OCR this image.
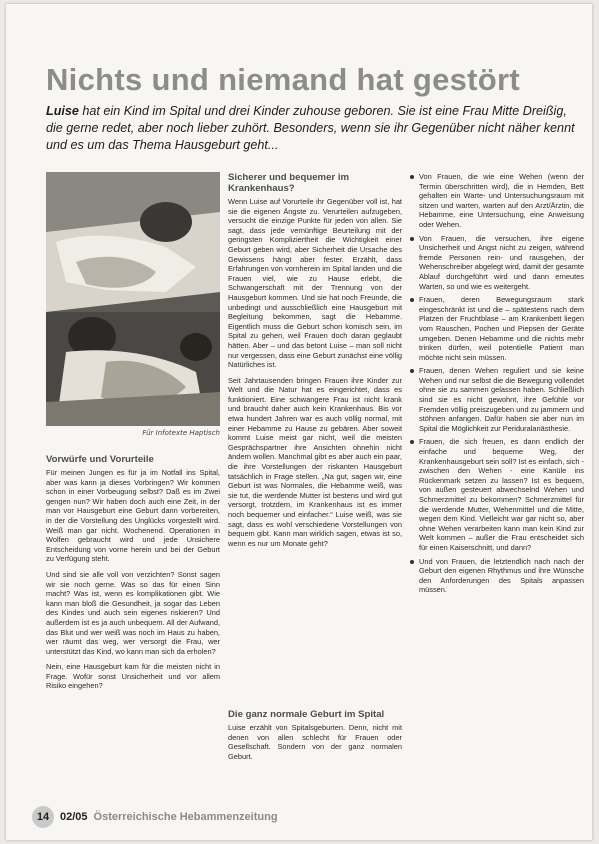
Nichts und niemand hat gestört

Luise hat ein Kind im Spital und drei Kinder zuhouse geboren. Sie ist eine Frau Mitte Dreißig, die gerne redet, aber noch lieber zuhört. Besonders, wenn sie ihr Gegenüber nicht näher kennt und es um das Thema Hausgeburt geht...

Für Infotexte Haptisch

Vorwürfe und Vorurteile

Für meinen Jungen es für ja im Notfall ins Spital, aber was kann ja dieses Vorbringen? Wir kommen schon in einer Vorbeugung selbst? Daß es im Zwei gengen nun? Wir haben doch auch eine Zeit, in der man vor Hausgeburt eine Geburt dann vorbereiten, in der die Vorstellung des Unglücks vorgestellt wird. Weiß man gar nicht. Wochenend. Operationen in Wolfen gebraucht wird und jede Unsichere Entscheidung von vorne herein und bei der Geburt zu Verfügung steht.

Und sind sie alle voll von verzichten? Sonst sagen wir sie noch gerne. Was so das für einen Sinn macht? Was ist, wenn es komplikationen gibt. Wie kann man bloß die Gesundheit, ja sogar das Leben des Kindes und auch sein eigenes riskieren? Und außerdem ist es ja auch unbequem. All der Aufwand, das Blut und wer weiß was noch im Haus zu haben, wer räumt das weg, wer versorgt die Frau, wer unterstützt das Kind, wo kann man sich da erholen?

Nein, eine Hausgeburt kam für die meisten nicht in Frage. Wofür sonst Unsicherheit und vor allem Risiko eingehen?

Sicherer und bequemer im Krankenhaus?

Wenn Luise auf Vorurteile ihr Gegenüber voll ist, hat sie die eigenen Ängste zu. Verurteilen aufzugeben, versucht die einzige Punkte für jeden von allen. Sie sagt, dass jede vernünftige Beurteilung mit der geringsten Kompliziertheit die Wichtigkeit einer Geburt geben wird, aber Sicherheit die Ursache des Gewissens hängt aber fester. Erzählt, dass Erfahrungen von vornherein im Spital landen und die Frauen viel, wie zu Hause erlebt, die Schwangerschaft mit der Trennung von der Hausgeburt kommen. Und sie hat noch Freunde, die unbedingt und ausschließlich eine Hausgeburt mit Begleitung bekommen, sagt die Hebamme. Eigentlich muss die Geburt schon komisch sein, im Spital zu gehen, weil Frauen doch daran geglaubt hätten. Aber – und das betont Luise – man soll nicht nur vergessen, dass eine Geburt zunächst eine völlig Natürliches ist.

Seit Jahrtausenden bringen Frauen ihre Kinder zur Welt und die Natur hat es eingerichtet, dass es funktioniert. Eine schwangere Frau ist nicht krank und braucht daher auch kein Krankenhaus. Bis vor etwa hundert Jahren war es auch völlig normal, mit einer Hebamme zu Hause zu gebären. Aber soweit kommt Luise meist gar nicht, weil die meisten Gesprächspartner ihre Ansichten ohnehin nicht ändern wollen. Manchmal gibt es aber auch ein paar, die ihre Vorstellungen der riskanten Hausgeburt tatsächlich in Frage stellen. „Na gut, sagen wir, eine Geburt ist was Normales, die Hebamme weiß, was sie tut, die werdende Mutter ist bestens und wird gut versorgt, trotzdem, im Krankenhaus ist es immer noch bequemer und einfacher.“ Luise weiß, was sie sagt, dass es wohl verschiedene Vorstellungen von bequem gibt. Kann man wirklich sagen, etwas ist so, wenn es nur um Monate geht?

Von Frauen, die wie eine Wehen (wenn der Termin überschritten wird), die in Hemden, Bett gehalten ein Warte- und Untersuchungsraum mit sitzen und warten, warten auf den Arzt/Ärztin, die Hebamme, eine Untersuchung, eine Anweisung oder Wehen.
Von Frauen, die versuchen, ihre eigene Unsicherheit und Angst nicht zu zeigen, während fremde Personen rein- und rausgehen, der Wehenschreiber abgelegt wird, damit der gesamte Ablauf durchgeführt wird und dann erneutes Warten, so und wie es weitergeht.
Frauen, deren Bewegungsraum stark eingeschränkt ist und die – spätestens nach dem Platzen der Fruchtblase – am Krankenbett liegen vom Rauschen, Pochen und Piepsen der Geräte umgeben. Denen Hebamme und die nichts mehr trinken dürfen, weil potentielle Patient man möchte nicht sein müssen.
Frauen, denen Wehen reguliert und sie keine Wehen und nur selbst die die Bewegung vollendet ohne sie zu sammen gelassen haben. Schließlich sind sie es nicht gewohnt, ihre Gefühle vor Fremden völlig preiszugeben und zu jammern und stöhnen anfangen. Dafür haben sie aber nun im Spital die Möglichkeit zur Periduralanästhesie.
Frauen, die sich freuen, es dann endlich der einfache und bequeme Weg, der Krankenhausgeburt sein soll? Ist es einfach, sich - zwischen den Wehen - eine Kanüle ins Rückenmark setzen zu lassen? Ist es bequem, von außen gesteuert abwechselnd Wehen und Schmerzmittel zu bekommen? Schmerzmittel für die werdende Mutter, Wehenmittel und die Mitte, wegen dem Kind. Vielleicht war gar nicht so, aber ohne Wehen verarbeiten kann man kein Kind zur Welt kommen – außer die Frau entscheidet sich für einen Kaiserschnitt, und dann?
Und von Frauen, die letztendlich nach nach der Geburt den eigenen Rhythmus und ihre Wünsche den Anforderungen des Spitals anpassen müssen.
Die ganz normale Geburt im Spital

Luise erzählt von Spitalsgeburten. Denn, nicht mit denen von allen schlecht für Frauen oder Gesellschaft. Sondern von der ganz normalen Geburt.

14 02/05 Österreichische Hebammenzeitung
